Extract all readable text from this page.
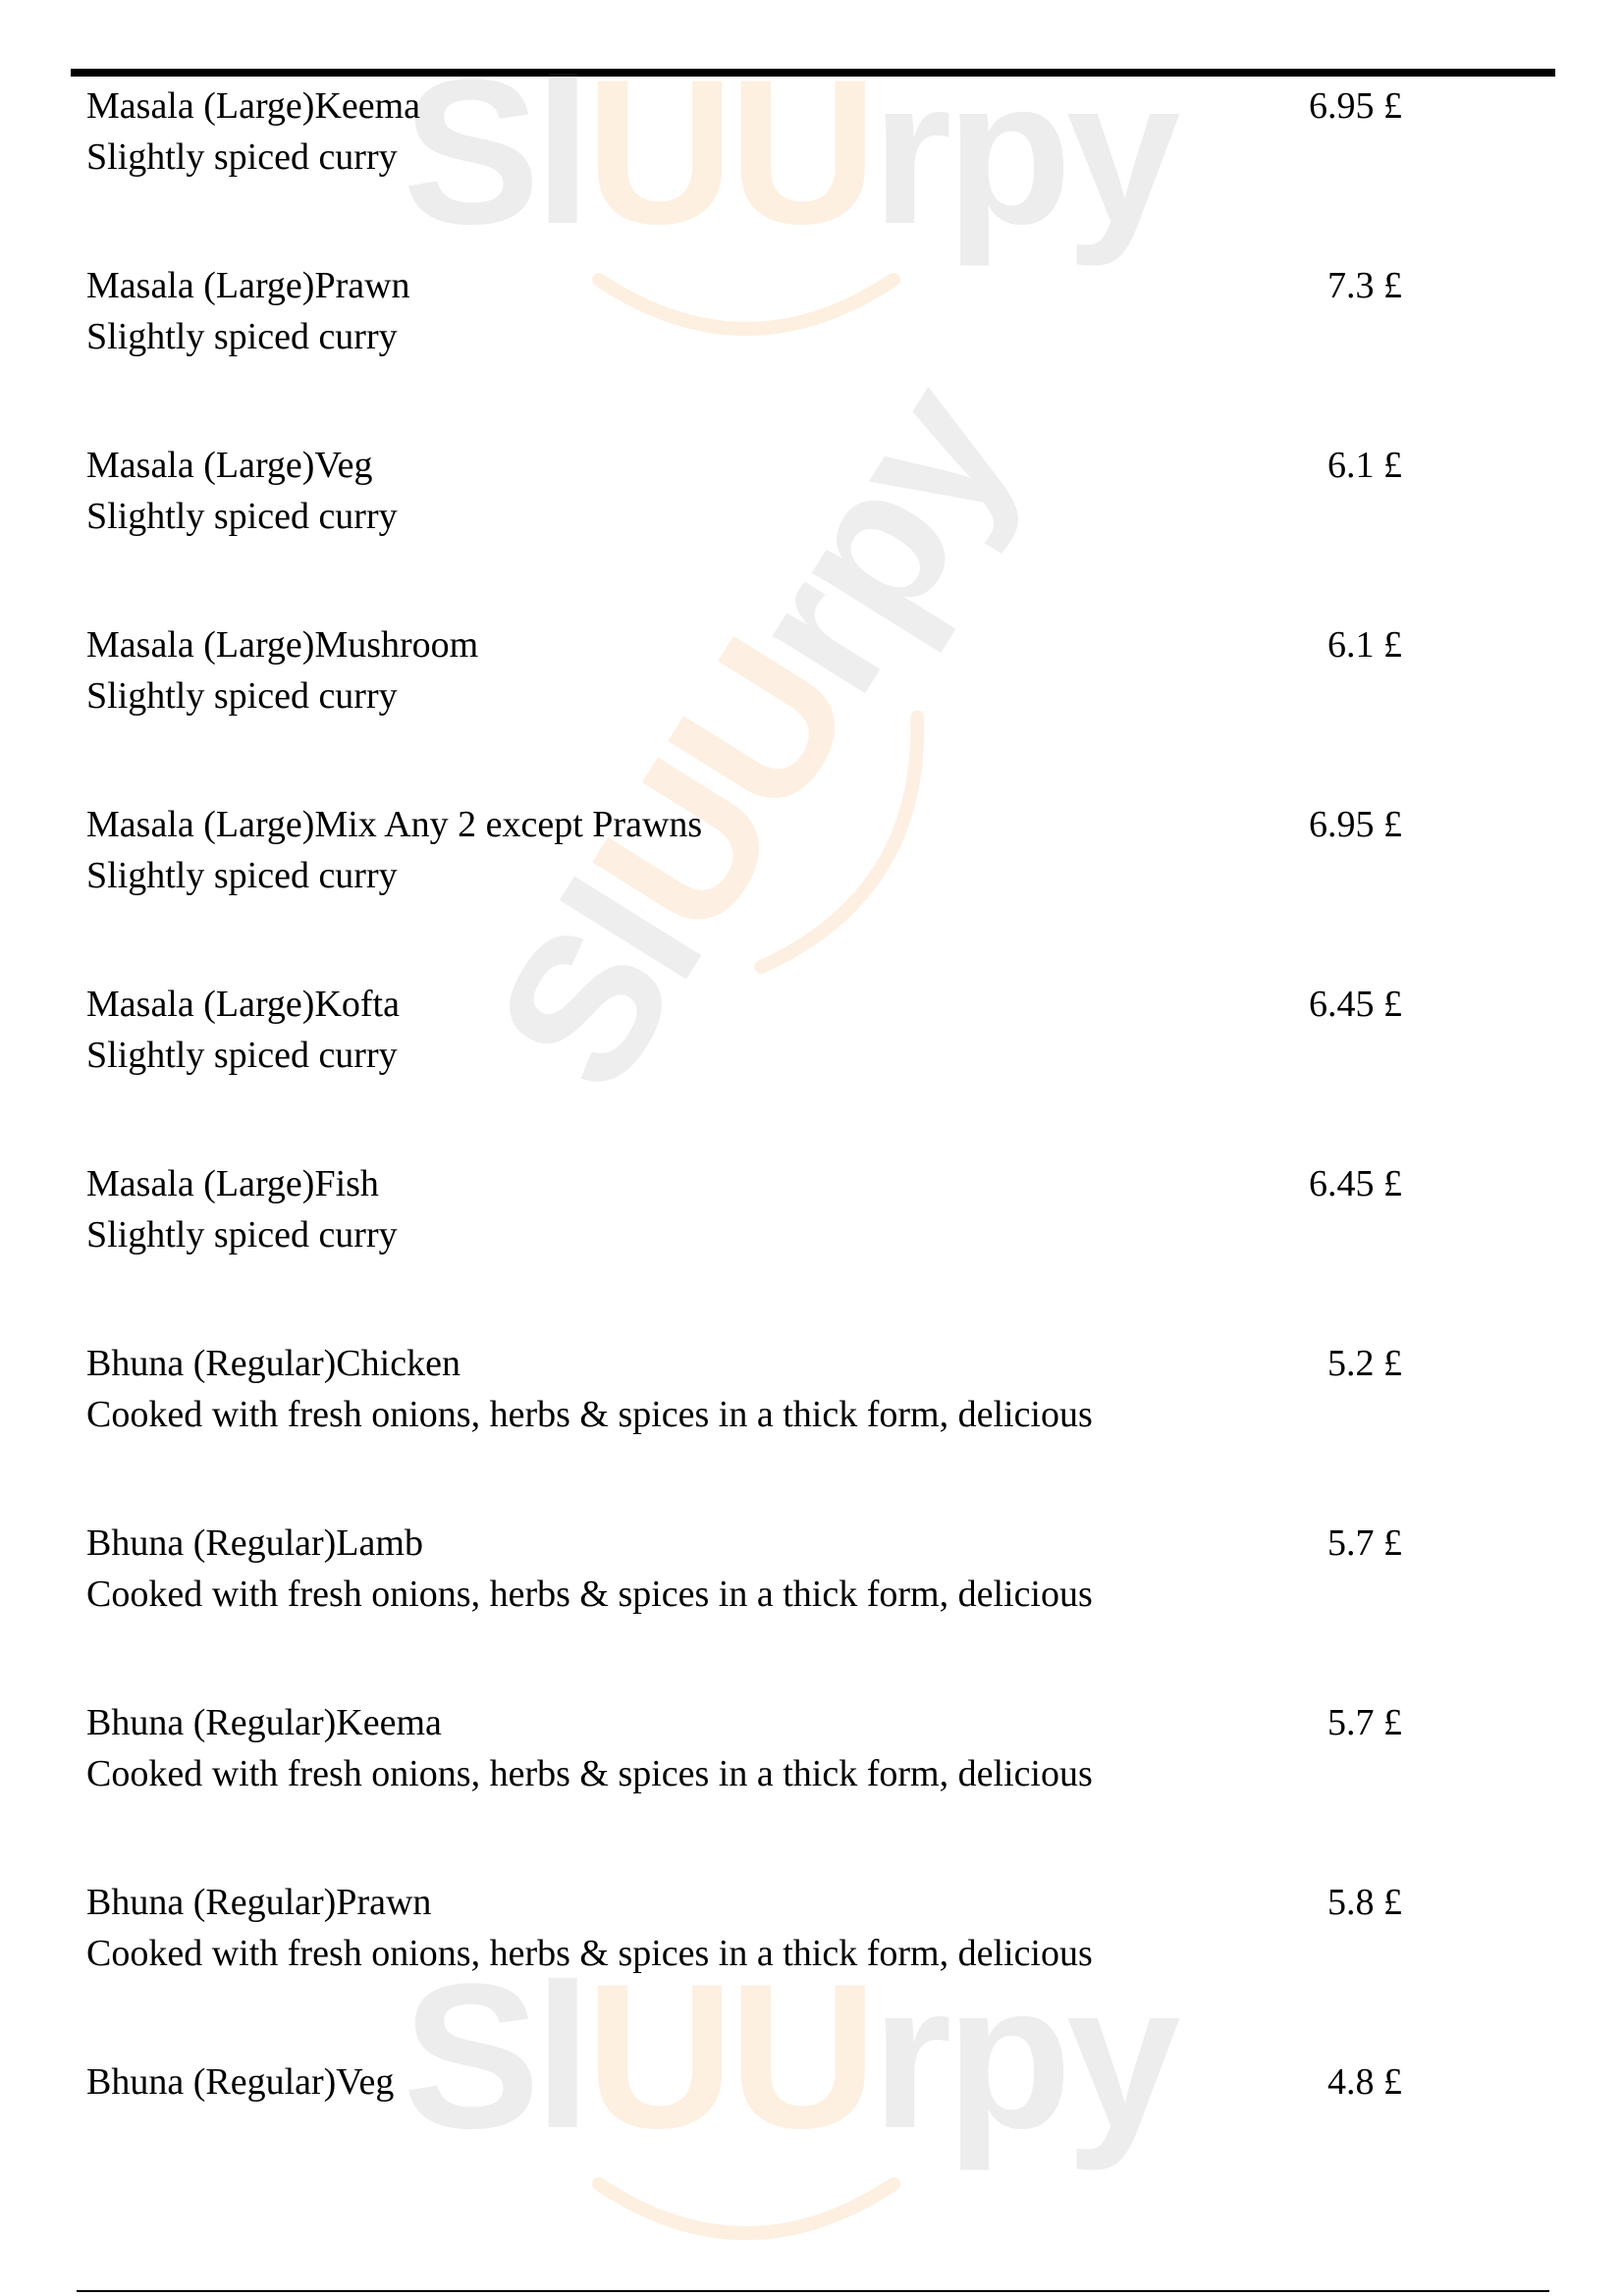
SlUUrpy
SlUUrpy
SlUUrpy
Masala (Large)Keema
Slightly spiced curry
6.95 £
Masala (Large)Prawn
Slightly spiced curry
7.3 £
Masala (Large)Veg
Slightly spiced curry
6.1 £
Masala (Large)Mushroom
Slightly spiced curry
6.1 £
Masala (Large)Mix Any 2 except Prawns
Slightly spiced curry
6.95 £
Masala (Large)Kofta
Slightly spiced curry
6.45 £
Masala (Large)Fish
Slightly spiced curry
6.45 £
Bhuna (Regular)Chicken
Cooked with fresh onions, herbs & spices in a thick form, delicious
5.2 £
Bhuna (Regular)Lamb
Cooked with fresh onions, herbs & spices in a thick form, delicious
5.7 £
Bhuna (Regular)Keema
Cooked with fresh onions, herbs & spices in a thick form, delicious
5.7 £
Bhuna (Regular)Prawn
Cooked with fresh onions, herbs & spices in a thick form, delicious
5.8 £
Bhuna (Regular)Veg	4.8 £
